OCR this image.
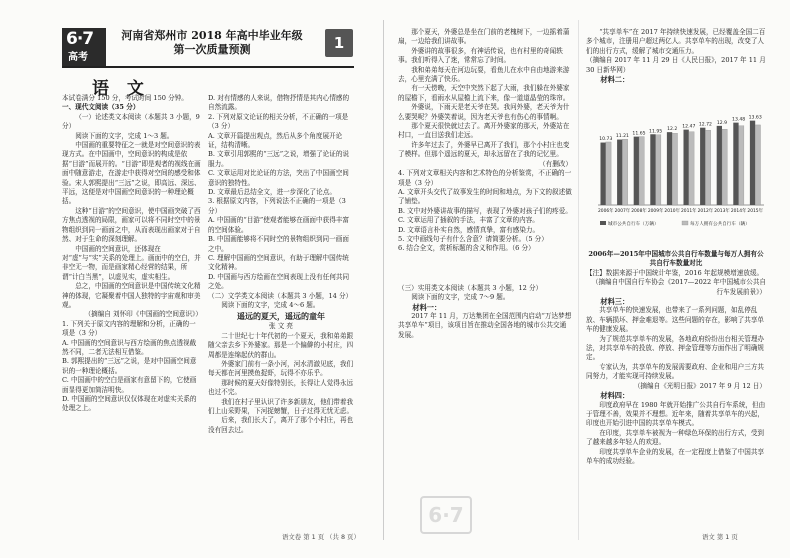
6·7
高考
河南省郑州市 2018 年高中毕业年级
第一次质量预测	1
语 文

本试卷满分 150 分，考试时间 150 分钟。

一、现代文阅读（35 分）

（一）论述类文本阅读（本题共 3 小题，9 分）

阅读下面的文字，完成 1～3 题。

中国画的重要特征之一就是对空间意识的表现方式。在中国画中，空间意识的构成是依据“目游”而展开的。“目游”即是观者的视线在画面中随意游走，在游走中获得对空间的感受和体验。宋人郭熙提出“三远”之说，即高远、深远、平远，这便是对中国画空间意识的一种理论概括。

这种“目游”的空间意识，使中国画突破了西方焦点透视的局限，画家可以将不同时空中的景物组织到同一画面之中，从而表现出画家对于自然、对于生命的深刻理解。

中国画的空间意识，还体现在对“虚”与“实”关系的处理上。画面中的空白，并非空无一物，而是画家精心经营的结果，所谓“计白当黑”，以虚见实，虚实相生。

总之，中国画的空间意识是中国传统文化精神的体现，它凝聚着中国人独特的宇宙观和审美观。

（摘编自 刘怀印《中国画的空间意识》）

1. 下列关于原文内容的理解和分析，正确的一项是（3 分）

A. 中国画的空间意识与西方绘画的焦点透视截然不同，二者无法相互借鉴。

B. 郭熙提出的“三远”之说，是对中国画空间意识的一种理论概括。

C. 中国画中的空白是画家有意留下的，它使画面显得更加简洁明快。

D. 中国画的空间意识仅仅体现在对虚实关系的处理之上。

D. 对有情感的人来说，借物抒情是其内心情感的自然流露。

2. 下列对原文论证的相关分析，不正确的一项是（3 分）

A. 文章开篇提出观点，然后从多个角度展开论证，结构清晰。

B. 文章引用郭熙的“三远”之说，增强了论证的说服力。

C. 文章运用对比论证的方法，突出了中国画空间意识的独特性。

D. 文章最后总结全文，进一步深化了论点。

3. 根据原文内容，下列说法不正确的一项是（3 分）

A. 中国画的“目游”使观者能够在画面中获得丰富的空间体验。

B. 中国画能够将不同时空的景物组织到同一画面之中。

C. 理解中国画的空间意识，有助于理解中国传统文化精神。

D. 中国画与西方绘画在空间表现上没有任何共同之处。

（二）文学类文本阅读（本题共 3 小题，14 分）

阅读下面的文字，完成 4～6 题。

遥远的夏天，遥远的童年

张 文 亮

二十世纪七十年代初的一个夏天，我和弟弟跟随父亲去乡下外婆家。那是一个偏僻的小村庄，四周都是连绵起伏的群山。

外婆家门前有一条小河，河水清澈见底，我们每天都在河里摸鱼捉虾，玩得不亦乐乎。

那时候的夏天好像特别长，长得让人觉得永远也过不完。

我们在村子里认识了许多新朋友，他们带着我们上山采野果，下河捉螃蟹，日子过得无忧无虑。

后来，我们长大了，离开了那个小村庄，再也没有回去过。

那个夏天，外婆总是坐在门前的老槐树下，一边摇着蒲扇，一边给我们讲故事。

外婆讲的故事很多，有神话传说，也有村里的奇闻轶事。我们听得入了迷，常常忘了时间。

我和弟弟每天在河边玩耍，看鱼儿在水中自由地游来游去，心里充满了快乐。

有一天傍晚，天空中突然下起了大雨，我们躲在外婆家的屋檐下，看雨水从屋檐上流下来，像一道道晶莹的珠帘。

外婆说，下雨天是老天爷在哭。我问外婆，老天爷为什么要哭呢？外婆笑着说，因为老天爷也有伤心的事情啊。

那个夏天很快就过去了。离开外婆家的那天，外婆站在村口，一直目送我们走远。

许多年过去了，外婆早已离开了我们，那个小村庄也变了模样。但那个遥远的夏天，却永远留在了我的记忆里。

（有删改）

4. 下列对文章相关内容和艺术特色的分析鉴赏，不正确的一项是（3 分）

A. 文章开头交代了故事发生的时间和地点，为下文的叙述做了铺垫。

B. 文中对外婆讲故事的描写，表现了外婆对孩子们的疼爱。

C. 文章运用了插叙的手法，丰富了文章的内容。

D. 文章语言朴实自然，感情真挚，富有感染力。

5. 文中画线句子有什么含意？请简要分析。（5 分）

6. 结合全文，赏析标题的含义和作用。（6 分）

（三）实用类文本阅读（本题共 3 小题，12 分）

阅读下面的文字，完成 7～9 题。

材料一：

2017 年 11 月，万达集团在全国范围内启动“万达梦想共享单车”项目，该项目旨在推动全国各地的城市公共交通发展。

6·7

“共享单车”在 2017 年持续快速发展，已经覆盖全国二百多个城市，注册用户超过两亿人。共享单车的出现，改变了人们的出行方式，缓解了城市交通压力。

（摘编自 2017 年 11 月 29 日《人民日报》，2017 年 11 月 30 日新华网）

材料二：

10.73
2006年
11.21
2007年
11.65
2008年
11.95
2009年
12.2
2010年
12.47
2011年
12.72
2012年
12.9
2013年
13.48
2014年
13.63
2015年
城市公共自行车（万辆）	每万人拥有公共自行车（辆）

2006年—2015年中国城市公共自行车数量与每万人拥有公共自行车数量对比

【注】数据来源于中国统计年鉴，2016 年起规模增速放缓。

（摘编自中国自行车协会《2017—2022 年中国城市公共自行车发展前景》）

材料三：

共享单车的快速发展，也带来了一系列问题，如乱停乱放、车辆损坏、押金难退等。这些问题的存在，影响了共享单车的健康发展。

为了规范共享单车的发展，各地政府纷纷出台相关管理办法，对共享单车的投放、停放、押金管理等方面作出了明确规定。

专家认为，共享单车的发展需要政府、企业和用户三方共同努力，才能实现可持续发展。

（摘编自《光明日报》2017 年 9 月 12 日）

材料四：

印度政府早在 1980 年就开始推广公共自行车系统，但由于管理不善，效果并不理想。近年来，随着共享单车的兴起，印度也开始引进中国的共享单车模式。

在印度，共享单车被视为一种绿色环保的出行方式，受到了越来越多年轻人的欢迎。

印度共享单车企业的发展，在一定程度上借鉴了中国共享单车的成功经验。

语文卷 第 1 页 （共 8 页）	语文 第 1 页
